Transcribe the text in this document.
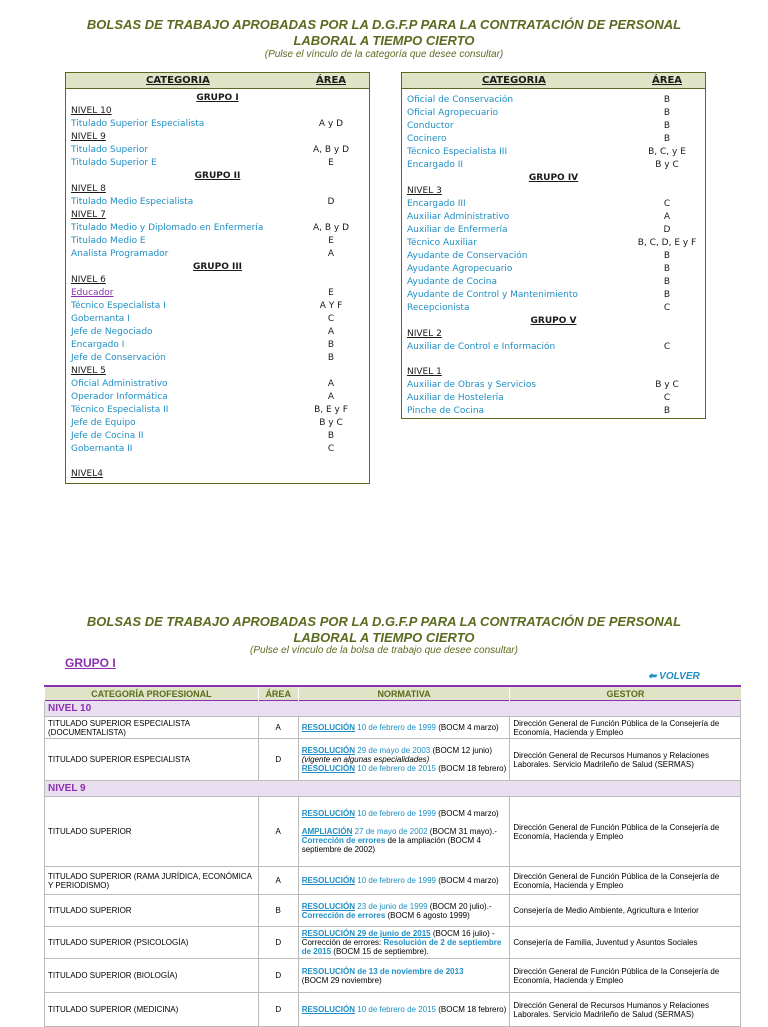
BOLSAS DE TRABAJO APROBADAS POR LA D.G.F.P PARA LA CONTRATACIÓN DE PERSONAL
LABORAL A TIEMPO CIERTO
(Pulse el vínculo de la categoría que desee consultar)
CATEGORIA	ÁREA
GRUPO I
NIVEL 10
Titulado Superior Especialista	A y D
NIVEL 9
Titulado Superior	A, B y D
Titulado Superior E	E
GRUPO II
NIVEL 8
Titulado Medio Especialista	D
NIVEL 7
Titulado Medio y Diplomado en Enfermería	A, B y D
Titulado Medio E	E
Analista Programador	A
GRUPO III
NIVEL 6
Educador	E
Técnico Especialista I	A Y F
Gobernanta I	C
Jefe de Negociado	A
Encargado I	B
Jefe de Conservación	B
NIVEL 5
Oficial Administrativo	A
Operador Informática	A
Técnico Especialista II	B, E y F
Jefe de Equipo	B y C
Jefe de Cocina II	B
Gobernanta II	C
NIVEL4
CATEGORIA	ÁREA
Oficial de Conservación	B
Oficial Agropecuario	B
Conductor	B
Cocinero	B
Técnico Especialista III	B, C, y E
Encargado II	B y C
GRUPO IV
NIVEL 3
Encargado III	C
Auxiliar Administrativo	A
Auxiliar de Enfermería	D
Técnico Auxiliar	B, C, D, E y F
Ayudante de Conservación	B
Ayudante Agropecuario	B
Ayudante de Cocina	B
Ayudante de Control y Mantenimiento	B
Recepcionista	C
GRUPO V
NIVEL 2
Auxiliar de Control e Información	C
NIVEL 1
Auxiliar de Obras y Servicios	B y C
Auxiliar de Hostelería	C
Pinche de Cocina	B
BOLSAS DE TRABAJO APROBADAS POR LA D.G.F.P PARA LA CONTRATACIÓN DE PERSONAL
LABORAL A TIEMPO CIERTO
(Pulse el vínculo de la bolsa de trabajo que desee consultar)
GRUPO I
⬅ VOLVER
CATEGORÍA PROFESIONAL	ÁREA	NORMATIVA	GESTOR
NIVEL 10			
TITULADO SUPERIOR ESPECIALISTA (DOCUMENTALISTA)	A	RESOLUCIÓN 10 de febrero de 1999 (BOCM 4 marzo)	Dirección General de Función Pública de la Consejería de Economía, Hacienda y Empleo
TITULADO SUPERIOR ESPECIALISTA	D	RESOLUCIÓN 29 de mayo de 2003 (BOCM 12 junio) (vigente en algunas especialidades)
RESOLUCIÓN 10 de febrero de 2015 (BOCM 18 febrero)	Dirección General de Recursos Humanos y Relaciones Laborales. Servicio Madrileño de Salud (SERMAS)
NIVEL 9			
TITULADO SUPERIOR	A	RESOLUCIÓN 10 de febrero de 1999 (BOCM 4 marzo)

AMPLIACIÓN 27 de mayo de 2002 (BOCM 31 mayo).- Corrección de errores de la ampliación (BOCM 4 septiembre de 2002)	Dirección General de Función Pública de la Consejería de Economía, Hacienda y Empleo
TITULADO SUPERIOR (RAMA JURÍDICA, ECONÓMICA Y PERIODISMO)	A	RESOLUCIÓN 10 de febrero de 1999 (BOCM 4 marzo)	Dirección General de Función Pública de la Consejería de Economía, Hacienda y Empleo
TITULADO SUPERIOR	B	RESOLUCIÓN 23 de junio de 1999 (BOCM 20 julio).- Corrección de errores (BOCM 6 agosto 1999)	Consejería de Medio Ambiente, Agricultura e Interior
TITULADO SUPERIOR (PSICOLOGÍA)	D	RESOLUCIÓN 29 de junio de 2015 (BOCM 16 julio) - Corrección de errores: Resolución de 2 de septiembre de 2015 (BOCM 15 de septiembre).	Consejería de Familia, Juventud y Asuntos Sociales
TITULADO SUPERIOR (BIOLOGÍA)	D	RESOLUCIÓN de 13 de noviembre de 2013
(BOCM 29 noviembre)	Dirección General de Función Pública de la Consejería de Economía, Hacienda y Empleo
TITULADO SUPERIOR (MEDICINA)	D	RESOLUCIÓN 10 de febrero de 2015 (BOCM 18 febrero)	Dirección General de Recursos Humanos y Relaciones Laborales. Servicio Madrileño de Salud (SERMAS)
